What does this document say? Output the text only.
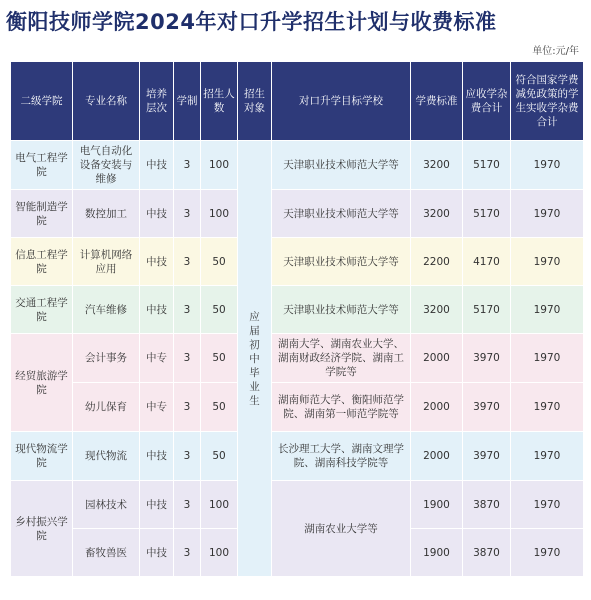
衡阳技师学院2024年对口升学招生计划与收费标准
单位:元/年
二级学院	专业名称	培养层次	学制	招生人数	招生对象	对口升学目标学校	学费标准	应收学杂费合计	符合国家学费减免政策的学生实收学杂费合计
电气工程学院	电气自动化设备安装与维修	中技	3	100	应届初中毕业生	天津职业技术师范大学等	3200	5170	1970
智能制造学院	数控加工	中技	3	100		天津职业技术师范大学等	3200	5170	1970
信息工程学院	计算机网络应用	中技	3	50		天津职业技术师范大学等	2200	4170	1970
交通工程学院	汽车维修	中技	3	50		天津职业技术师范大学等	3200	5170	1970
经贸旅游学院	会计事务	中专	3	50		湖南大学、湖南农业大学、湖南财政经济学院、湖南工学院等	2000	3970	1970
	幼儿保育	中专	3	50		湖南师范大学、衡阳师范学院、湖南第一师范学院等	2000	3970	1970
现代物流学院	现代物流	中技	3	50		长沙理工大学、湖南文理学院、湖南科技学院等	2000	3970	1970
乡村振兴学院	园林技术	中技	3	100		湖南农业大学等	1900	3870	1970
	畜牧兽医	中技	3	100			1900	3870	1970
